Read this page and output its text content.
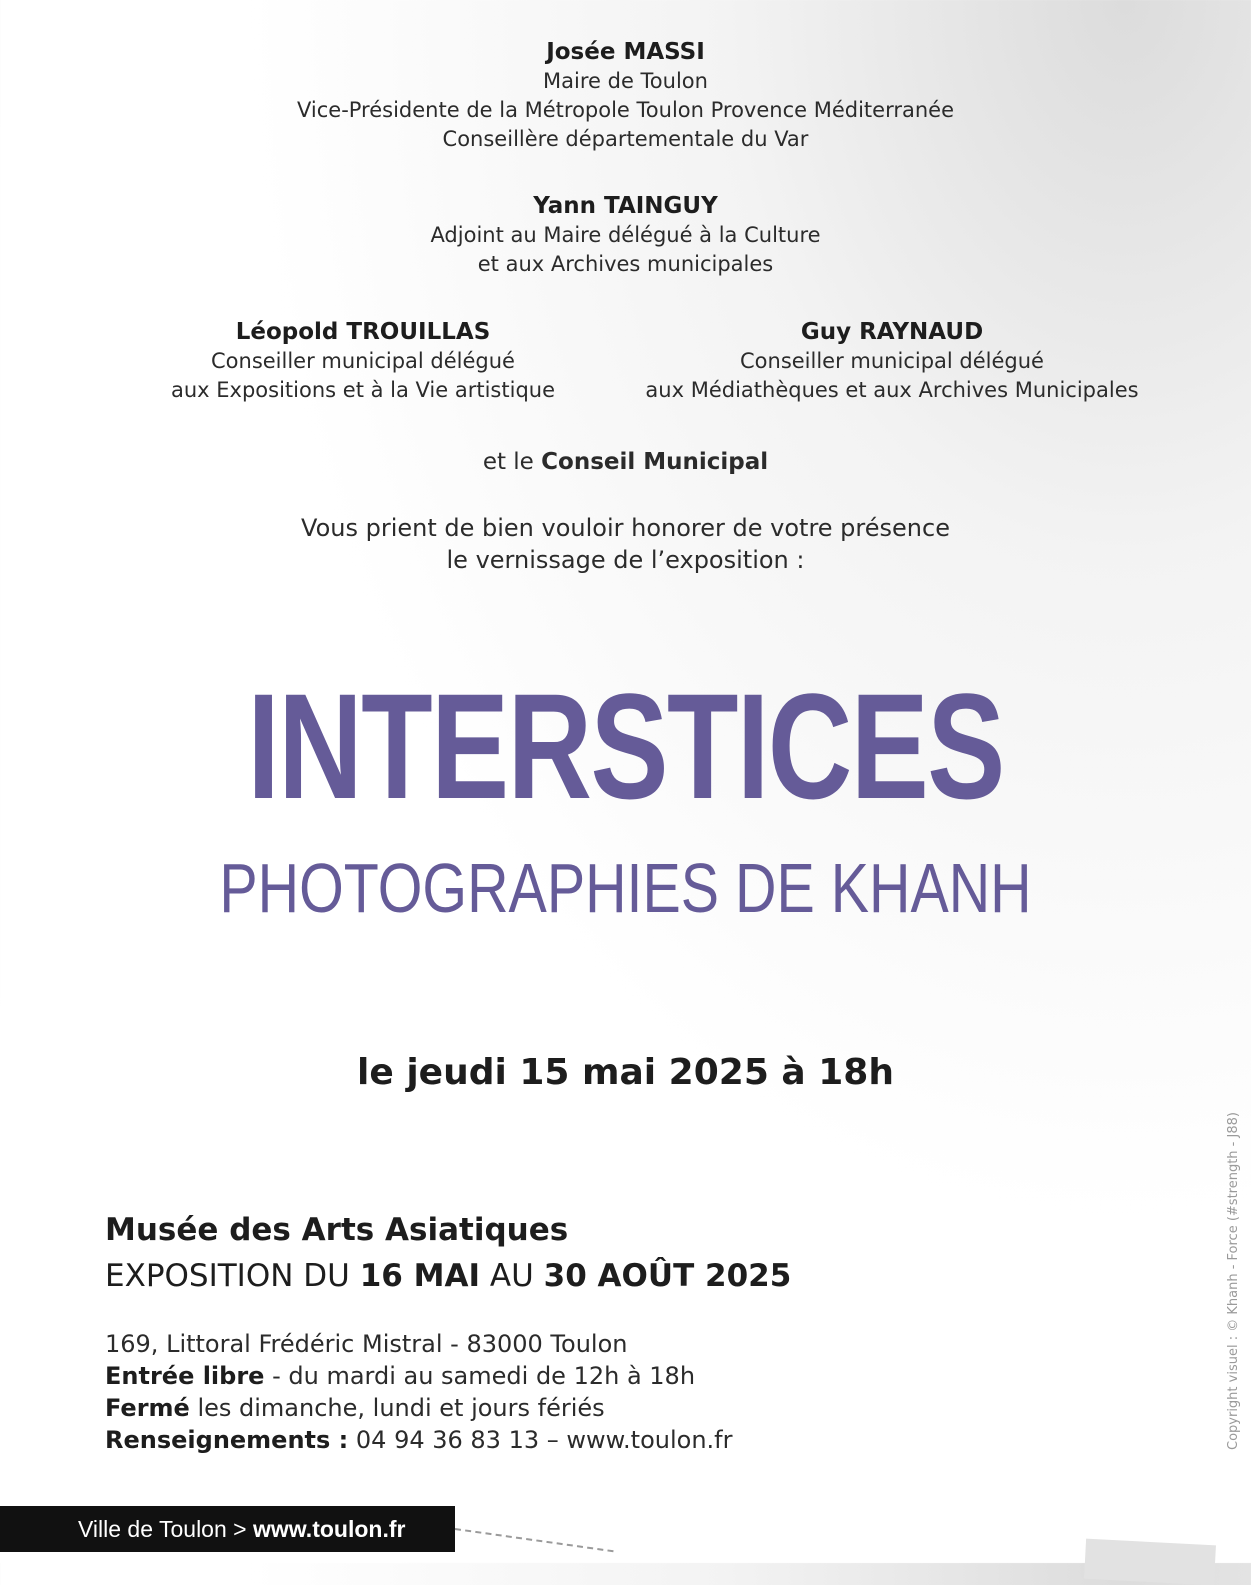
Josée MASSI
Maire de Toulon
Vice-Présidente de la Métropole Toulon Provence Méditerranée
Conseillère départementale du Var
Yann TAINGUY
Adjoint au Maire délégué à la Culture
et aux Archives municipales
Léopold TROUILLAS
Conseiller municipal délégué
aux Expositions et à la Vie artistique
Guy RAYNAUD
Conseiller municipal délégué
aux Médiathèques et aux Archives Municipales
et le Conseil Municipal
Vous prient de bien vouloir honorer de votre présence
le vernissage de l’exposition :
INTERSTICES
PHOTOGRAPHIES DE KHANH
le jeudi 15 mai 2025 à 18h
Musée des Arts Asiatiques
EXPOSITION DU 16 MAI AU 30 AOÛT 2025
169, Littoral Frédéric Mistral - 83000 Toulon
Entrée libre - du mardi au samedi de 12h à 18h
Fermé les dimanche, lundi et jours fériés
Renseignements : 04 94 36 83 13 – www.toulon.fr	Copyright visuel : © Khanh - Force (#strength - J88)
Ville de Toulon > www.toulon.fr
